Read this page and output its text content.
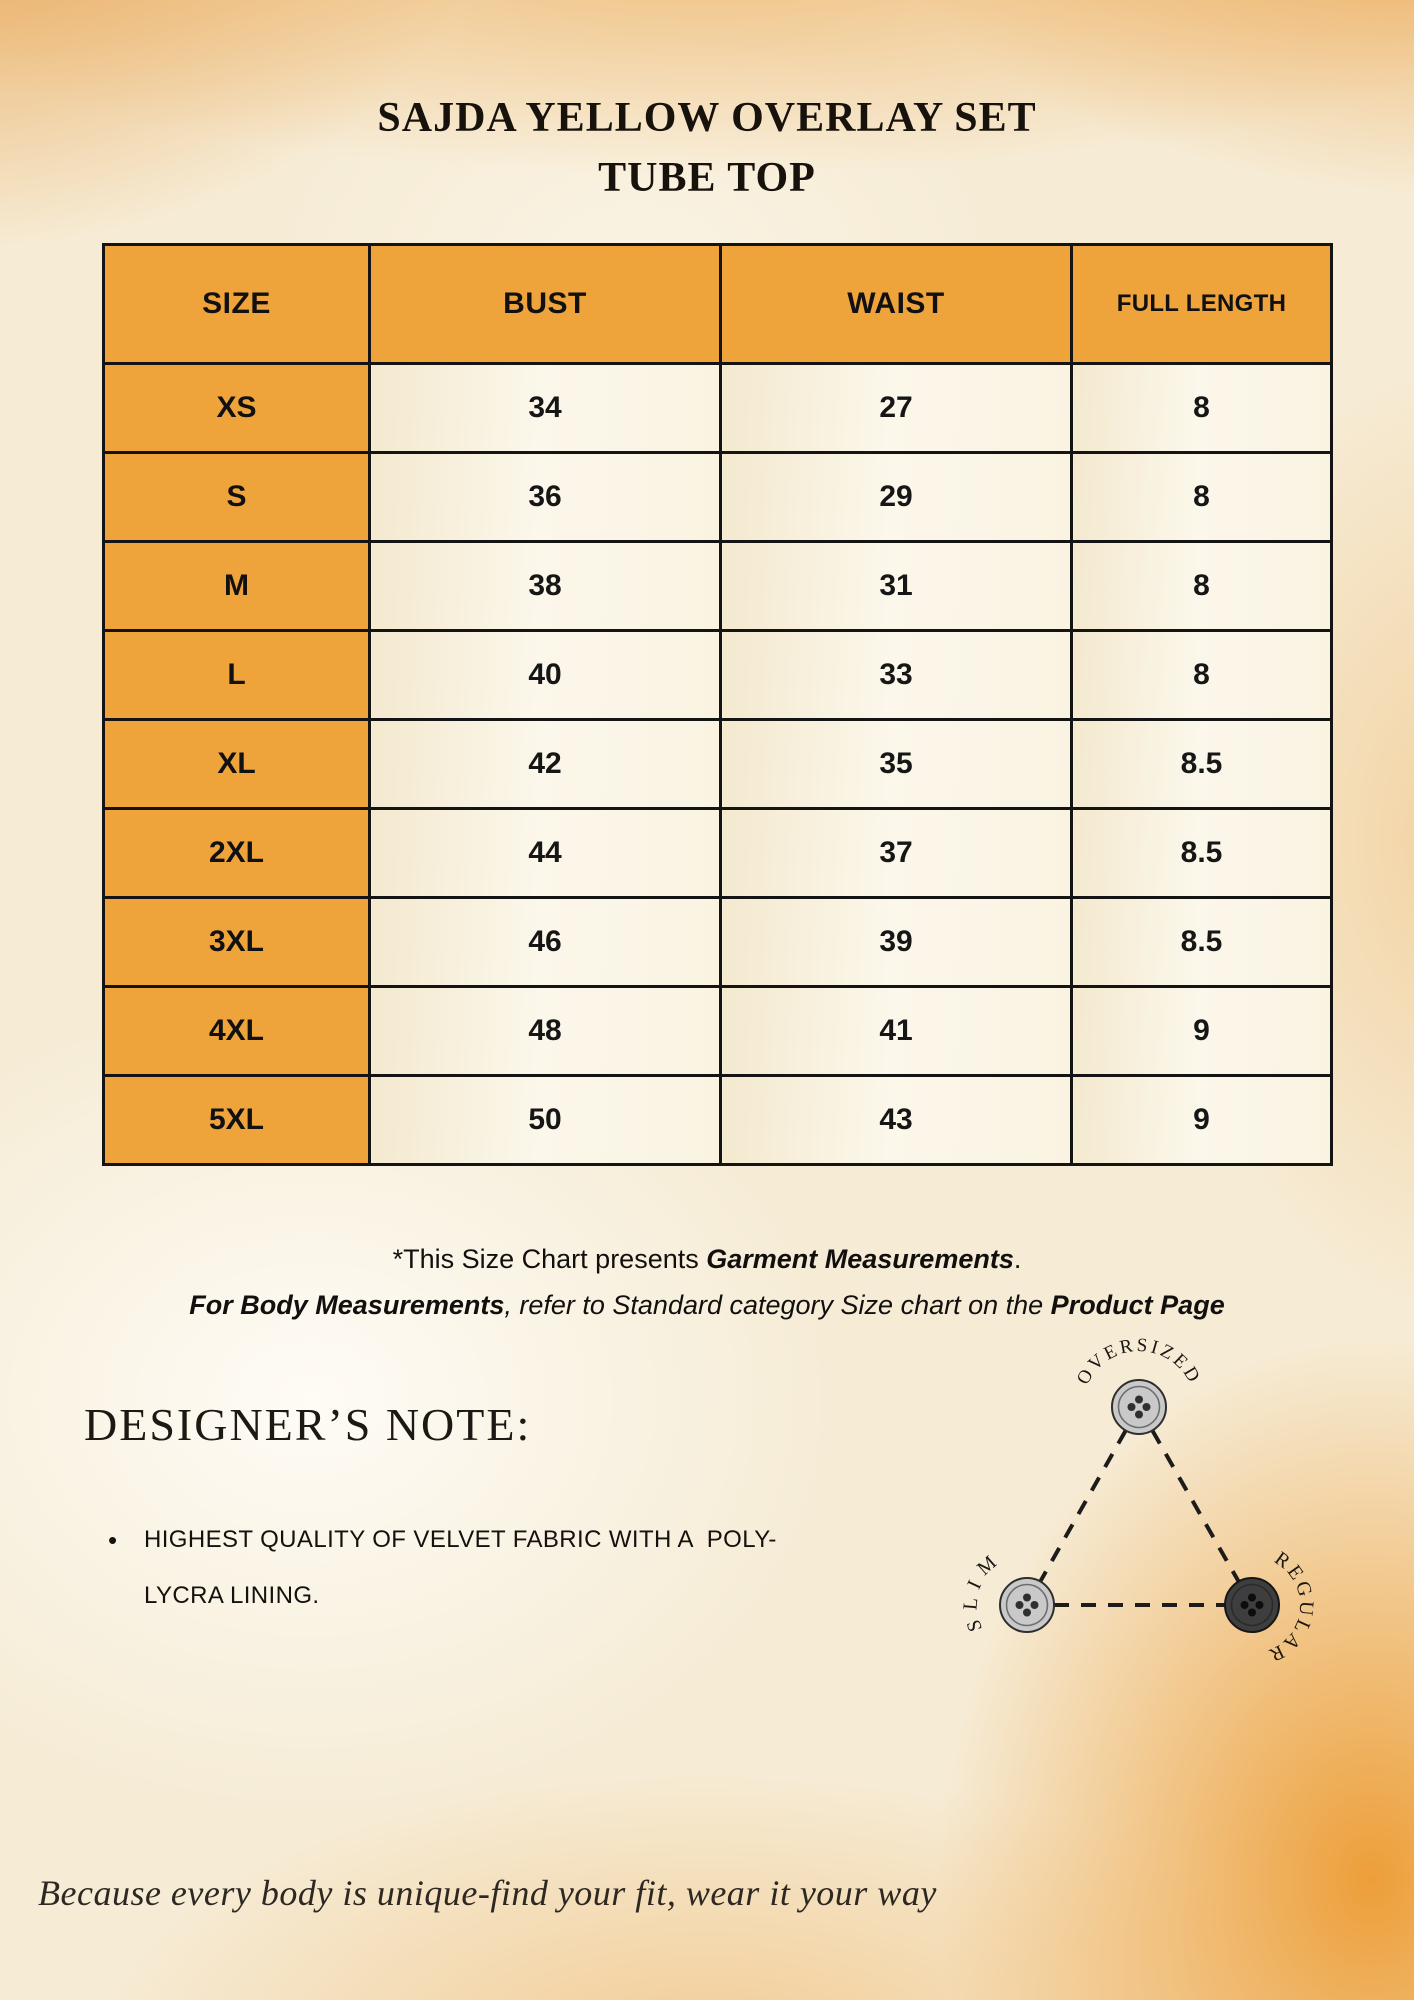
SAJDA YELLOW OVERLAY SET
TUBE TOP
SIZE	BUST	WAIST	FULL LENGTH
XS	34	27	8
S	36	29	8
M	38	31	8
L	40	33	8
XL	42	35	8.5
2XL	44	37	8.5
3XL	46	39	8.5
4XL	48	41	9
5XL	50	43	9
*This Size Chart presents Garment Measurements.
For Body Measurements, refer to Standard category Size chart on the Product Page
DESIGNER’S NOTE:
• HIGHEST QUALITY OF VELVET FABRIC WITH A  POLY-LYCRA LINING.
OVERSIZED
SLIM	REGULAR
Because every body is unique-find your fit, wear it your way
